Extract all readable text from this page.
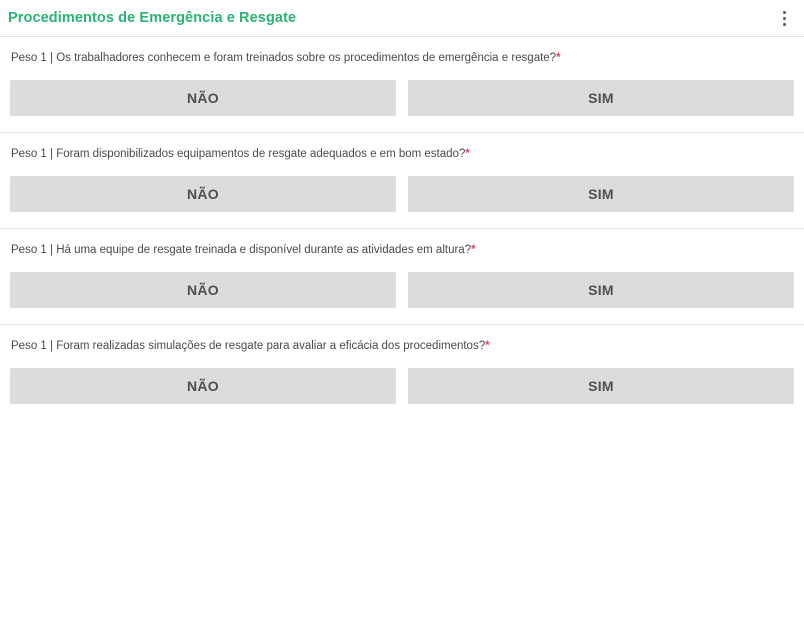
Procedimentos de Emergência e Resgate
Peso 1 | Os trabalhadores conhecem e foram treinados sobre os procedimentos de emergência e resgate?*
NÃO	SIM
Peso 1 | Foram disponibilizados equipamentos de resgate adequados e em bom estado?*
NÃO	SIM
Peso 1 | Há uma equipe de resgate treinada e disponível durante as atividades em altura?*
NÃO	SIM
Peso 1 | Foram realizadas simulações de resgate para avaliar a eficácia dos procedimentos?*
NÃO	SIM
